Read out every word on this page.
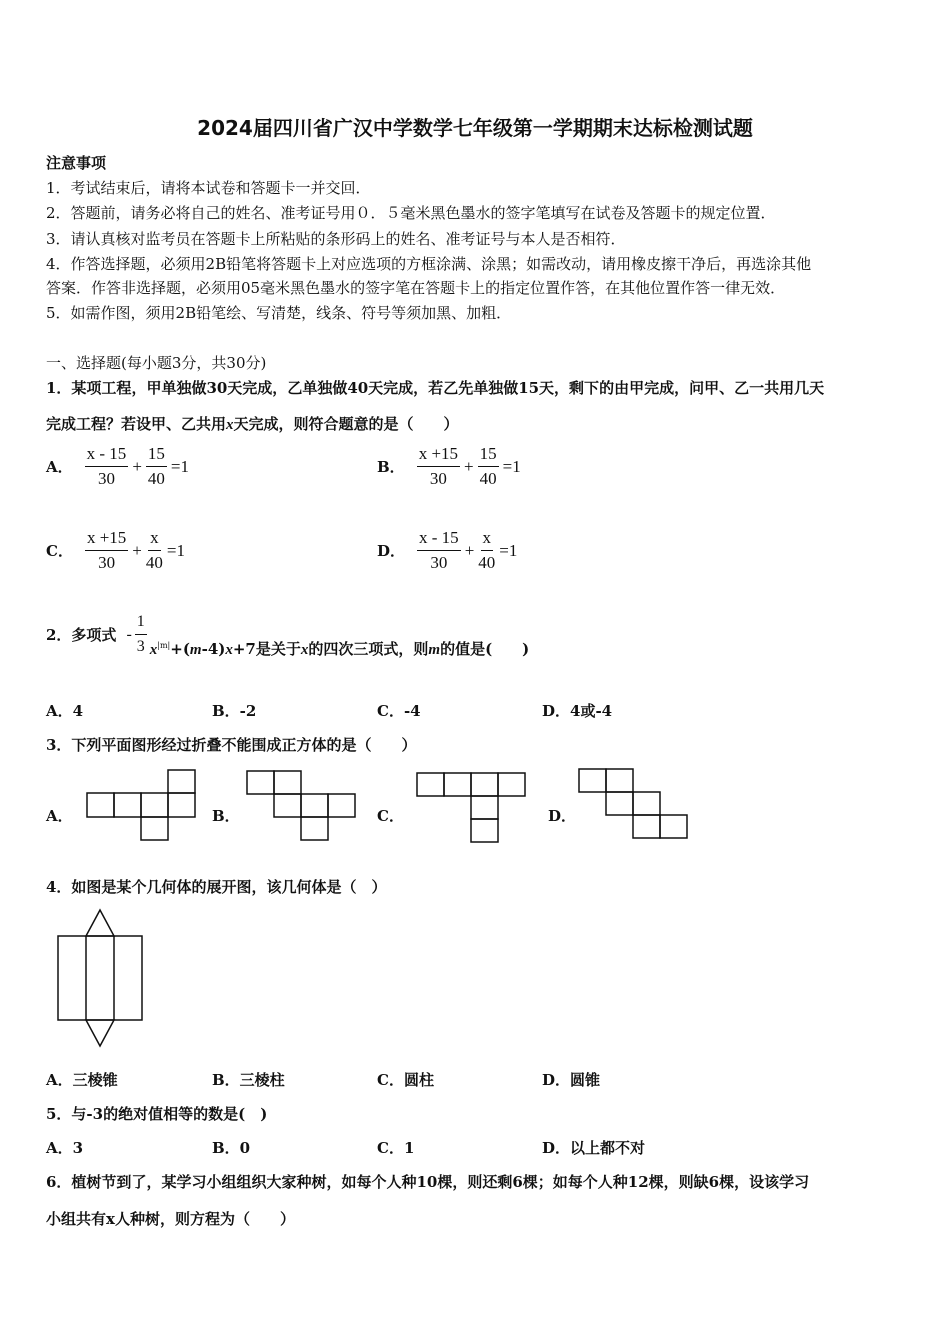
2024届四川省广汉中学数学七年级第一学期期末达标检测试题
注意事项
1．考试结束后，请将本试卷和答题卡一并交回．
2．答题前，请务必将自己的姓名、准考证号用０．５毫米黑色墨水的签字笔填写在试卷及答题卡的规定位置．
3．请认真核对监考员在答题卡上所粘贴的条形码上的姓名、准考证号与本人是否相符．
4．作答选择题，必须用2B铅笔将答题卡上对应选项的方框涂满、涂黑；如需改动，请用橡皮擦干净后，再选涂其他
答案．作答非选择题，必须用05毫米黑色墨水的签字笔在答题卡上的指定位置作答，在其他位置作答一律无效．
5．如需作图，须用2B铅笔绘、写清楚，线条、符号等须加黑、加粗．
一、选择题(每小题3分，共30分)
1．某项工程，甲单独做30天完成，乙单独做40天完成，若乙先单独做15天，剩下的由甲完成，问甲、乙一共用几天
完成工程？若设甲、乙共用x天完成，则符合题意的是（　　）
A． $\frac{x - 15}{30} + \frac{15}{40} =1$	B． $\frac{x +15}{30} + \frac{15}{40} =1$
C． $\frac{x +15}{30} + \frac{x}{40} =1$	D． $\frac{x - 15}{30} + \frac{x}{40} =1$
2．多项式 - $\frac{1}{3} x^{|m|}+(m-4)x+7$是关于x的四次三项式，则m的值是(　　)
A．4	B．-2	C．-4	D．4或-4
3．下列平面图形经过折叠不能围成正方体的是（　　）
A．	B．	C．	D．
4．如图是某个几何体的展开图，该几何体是（　）
A．三棱锥	B．三棱柱	C．圆柱	D．圆锥
5．与-3的绝对值相等的数是(　)
A．3	B．0	C．1	D．以上都不对
6．植树节到了，某学习小组组织大家种树，如每个人种10棵，则还剩6棵；如每个人种12棵，则缺6棵，设该学习
小组共有x人种树，则方程为（　　）
